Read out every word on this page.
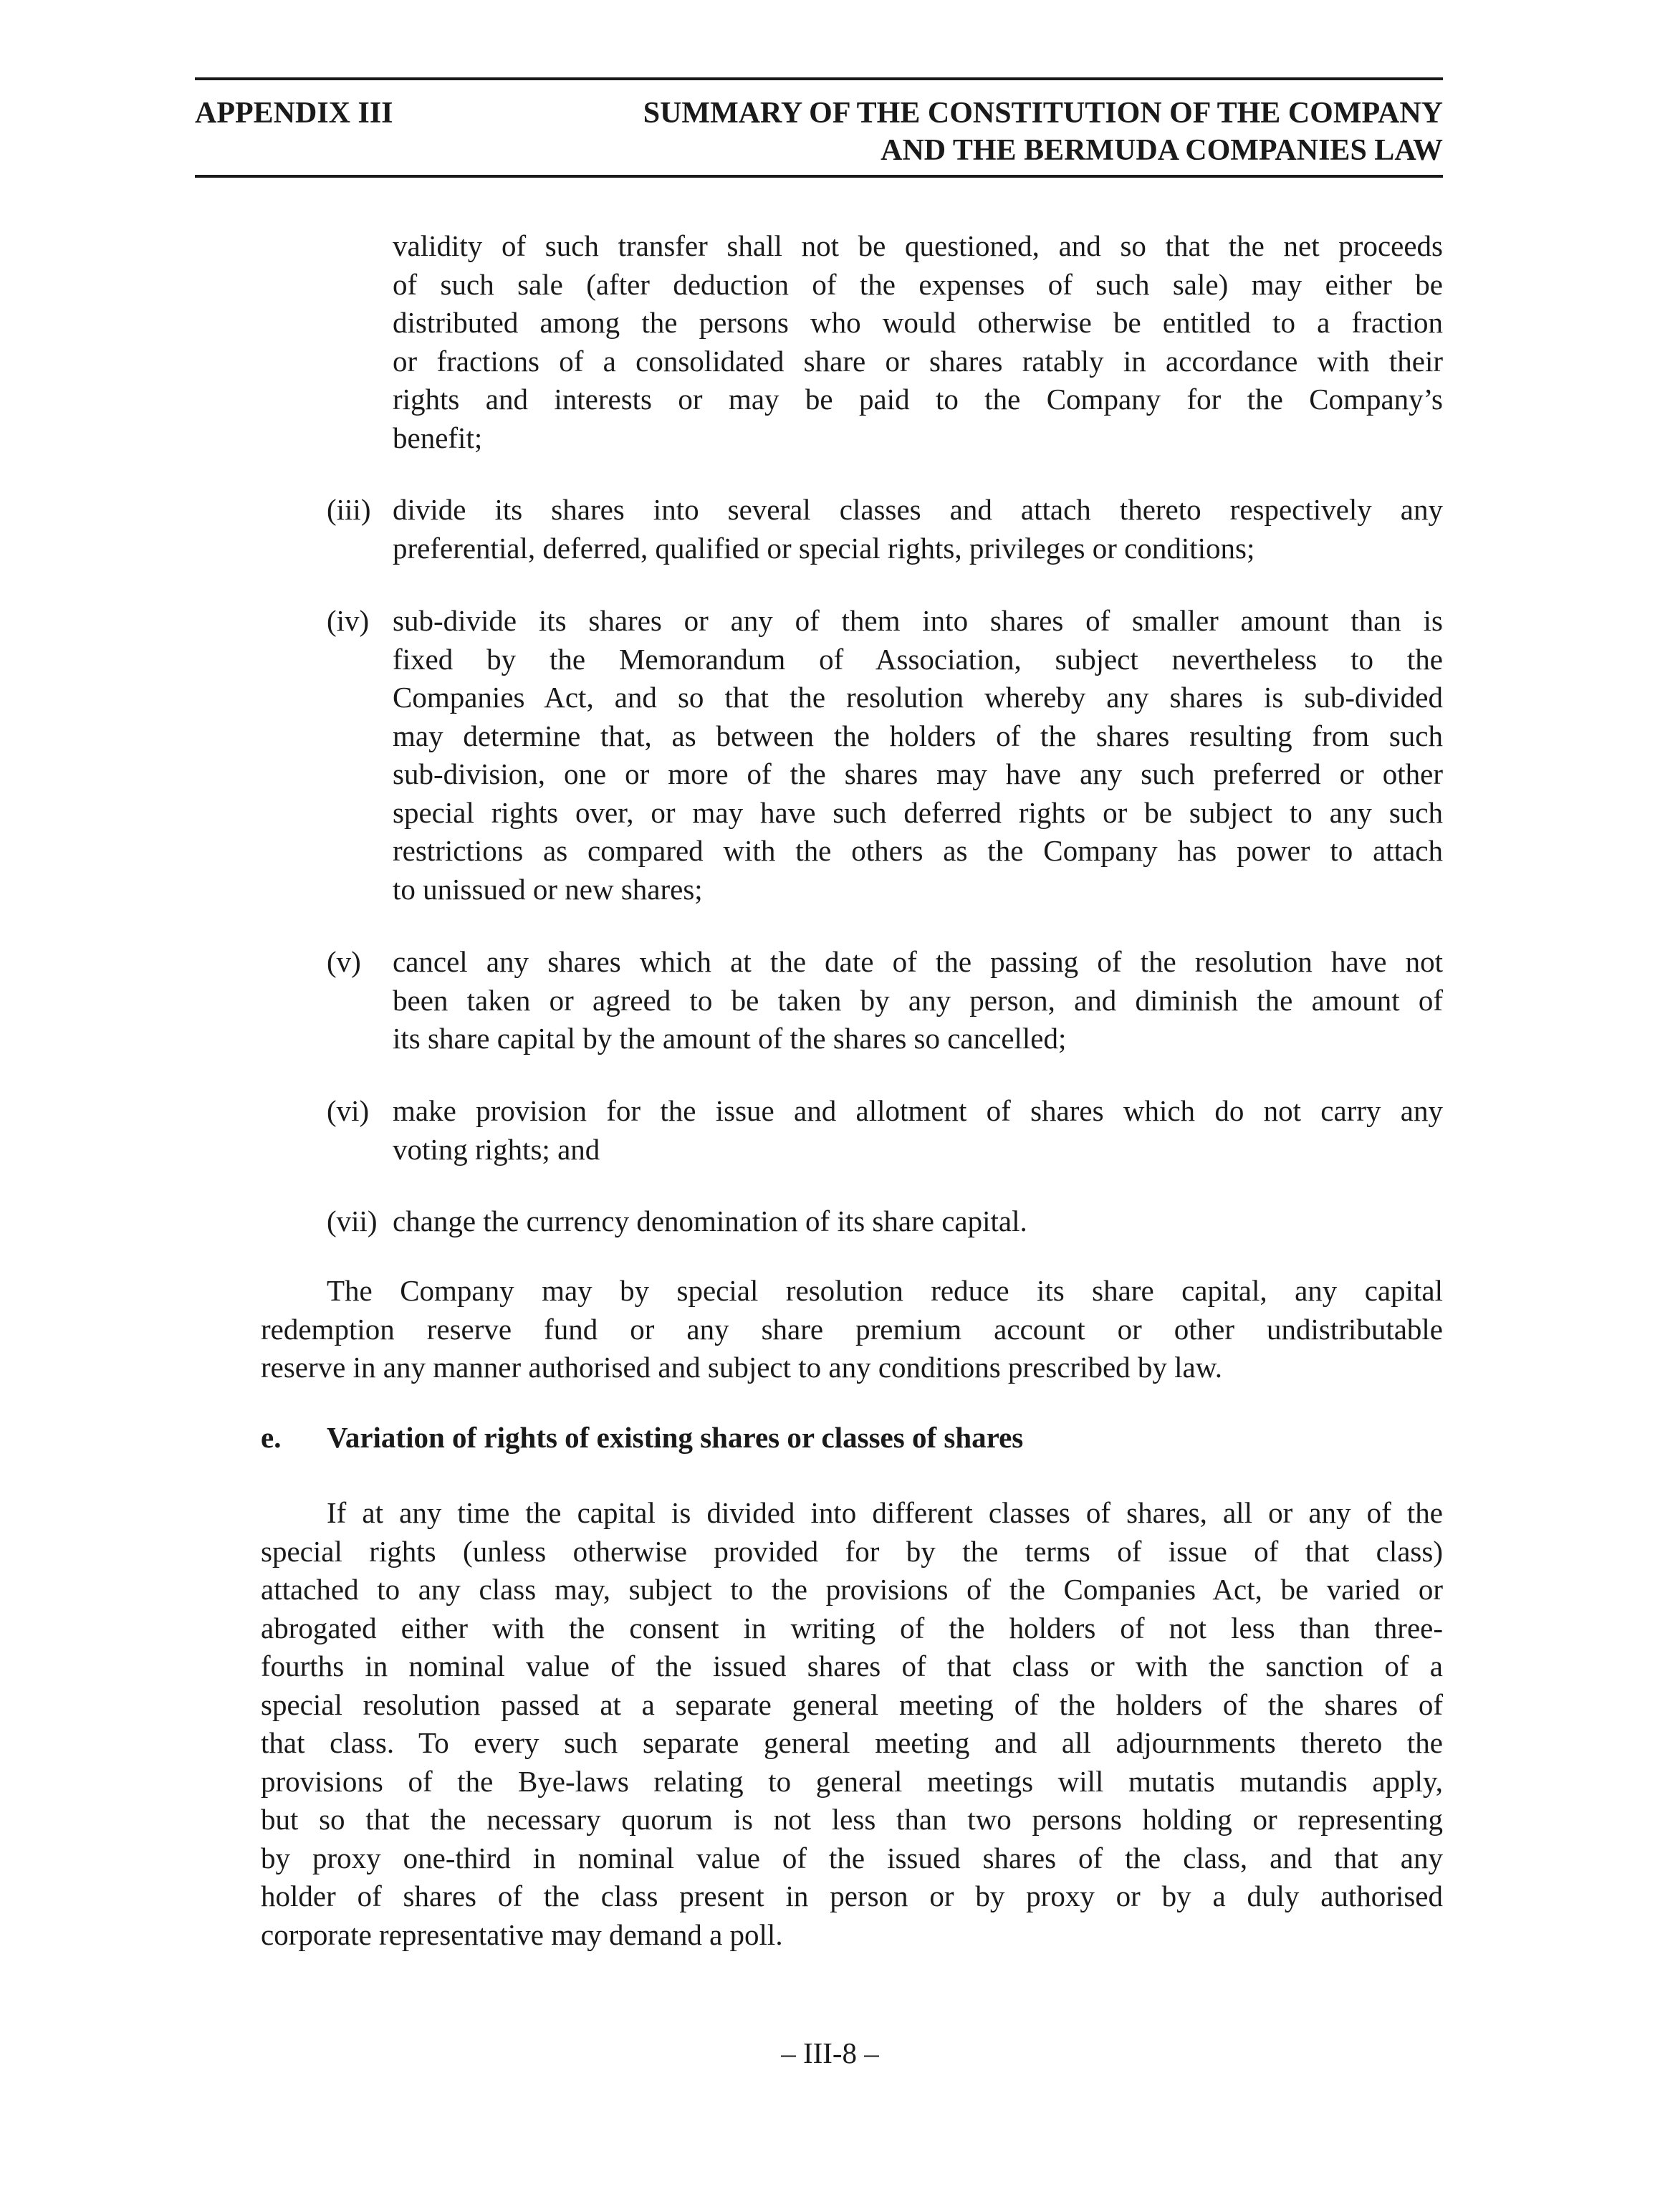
APPENDIX III	SUMMARY OF THE CONSTITUTION OF THE COMPANY
AND THE BERMUDA COMPANIES LAW
validity of such transfer shall not be questioned, and so that the net proceeds
of such sale (after deduction of the expenses of such sale) may either be
distributed among the persons who would otherwise be entitled to a fraction
or fractions of a consolidated share or shares ratably in accordance with their
rights and interests or may be paid to the Company for the Company’s
benefit;
(iii) divide its shares into several classes and attach thereto respectively any
preferential, deferred, qualified or special rights, privileges or conditions;
(iv) sub-divide its shares or any of them into shares of smaller amount than is
fixed by the Memorandum of Association, subject nevertheless to the
Companies Act, and so that the resolution whereby any shares is sub-divided
may determine that, as between the holders of the shares resulting from such
sub-division, one or more of the shares may have any such preferred or other
special rights over, or may have such deferred rights or be subject to any such
restrictions as compared with the others as the Company has power to attach
to unissued or new shares;
(v) cancel any shares which at the date of the passing of the resolution have not
been taken or agreed to be taken by any person, and diminish the amount of
its share capital by the amount of the shares so cancelled;
(vi) make provision for the issue and allotment of shares which do not carry any
voting rights; and
(vii) change the currency denomination of its share capital.
The Company may by special resolution reduce its share capital, any capital
redemption reserve fund or any share premium account or other undistributable
reserve in any manner authorised and subject to any conditions prescribed by law.
e. Variation of rights of existing shares or classes of shares
If at any time the capital is divided into different classes of shares, all or any of the
special rights (unless otherwise provided for by the terms of issue of that class)
attached to any class may, subject to the provisions of the Companies Act, be varied or
abrogated either with the consent in writing of the holders of not less than three-
fourths in nominal value of the issued shares of that class or with the sanction of a
special resolution passed at a separate general meeting of the holders of the shares of
that class. To every such separate general meeting and all adjournments thereto the
provisions of the Bye-laws relating to general meetings will mutatis mutandis apply,
but so that the necessary quorum is not less than two persons holding or representing
by proxy one-third in nominal value of the issued shares of the class, and that any
holder of shares of the class present in person or by proxy or by a duly authorised
corporate representative may demand a poll.
– III-8 –
